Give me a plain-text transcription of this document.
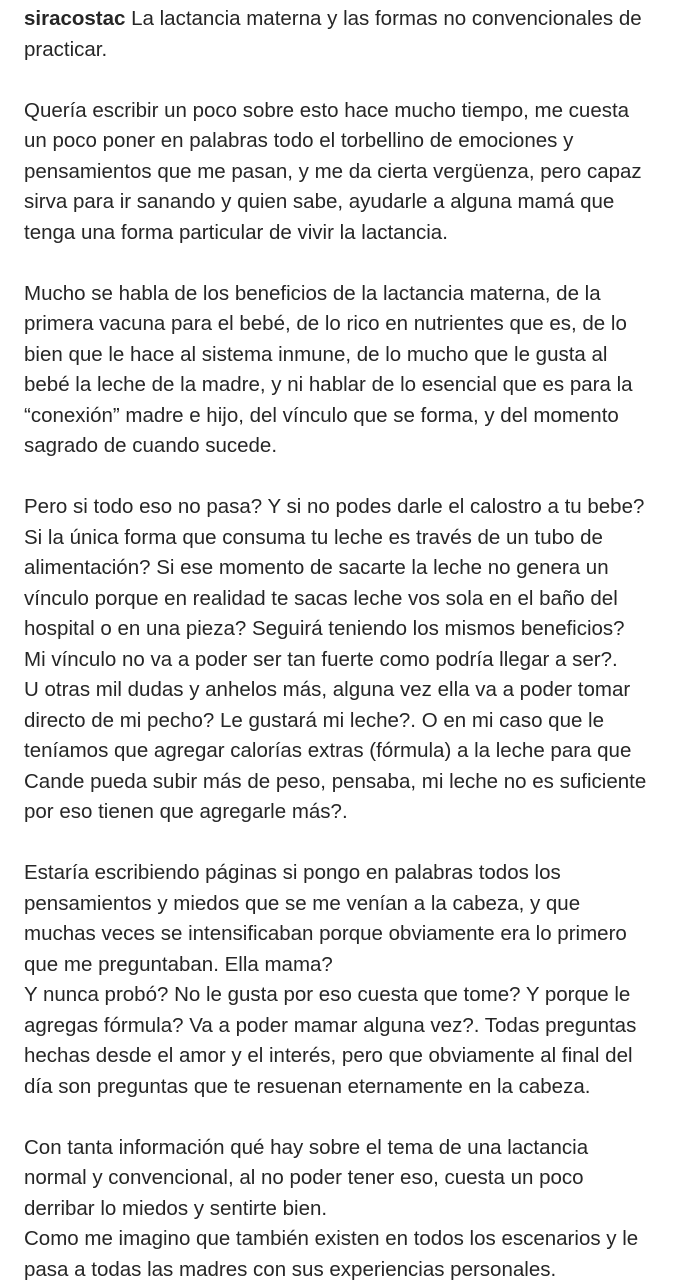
siracostac La lactancia materna y las formas no convencionales de
practicar.
Quería escribir un poco sobre esto hace mucho tiempo, me cuesta
un poco poner en palabras todo el torbellino de emociones y
pensamientos que me pasan, y me da cierta vergüenza, pero capaz
sirva para ir sanando y quien sabe, ayudarle a alguna mamá que
tenga una forma particular de vivir la lactancia.
Mucho se habla de los beneficios de la lactancia materna, de la
primera vacuna para el bebé, de lo rico en nutrientes que es, de lo
bien que le hace al sistema inmune, de lo mucho que le gusta al
bebé la leche de la madre, y ni hablar de lo esencial que es para la
“conexión” madre e hijo, del vínculo que se forma, y del momento
sagrado de cuando sucede.
Pero si todo eso no pasa? Y si no podes darle el calostro a tu bebe?
Si la única forma que consuma tu leche es través de un tubo de
alimentación? Si ese momento de sacarte la leche no genera un
vínculo porque en realidad te sacas leche vos sola en el baño del
hospital o en una pieza? Seguirá teniendo los mismos beneficios?
Mi vínculo no va a poder ser tan fuerte como podría llegar a ser?.
U otras mil dudas y anhelos más, alguna vez ella va a poder tomar
directo de mi pecho? Le gustará mi leche?. O en mi caso que le
teníamos que agregar calorías extras (fórmula) a la leche para que
Cande pueda subir más de peso, pensaba, mi leche no es suficiente
por eso tienen que agregarle más?.
Estaría escribiendo páginas si pongo en palabras todos los
pensamientos y miedos que se me venían a la cabeza, y que
muchas veces se intensificaban porque obviamente era lo primero
que me preguntaban. Ella mama?
Y nunca probó? No le gusta por eso cuesta que tome? Y porque le
agregas fórmula? Va a poder mamar alguna vez?. Todas preguntas
hechas desde el amor y el interés, pero que obviamente al final del
día son preguntas que te resuenan eternamente en la cabeza.
Con tanta información qué hay sobre el tema de una lactancia
normal y convencional, al no poder tener eso, cuesta un poco
derribar lo miedos y sentirte bien.
Como me imagino que también existen en todos los escenarios y le
pasa a todas las madres con sus experiencias personales.
